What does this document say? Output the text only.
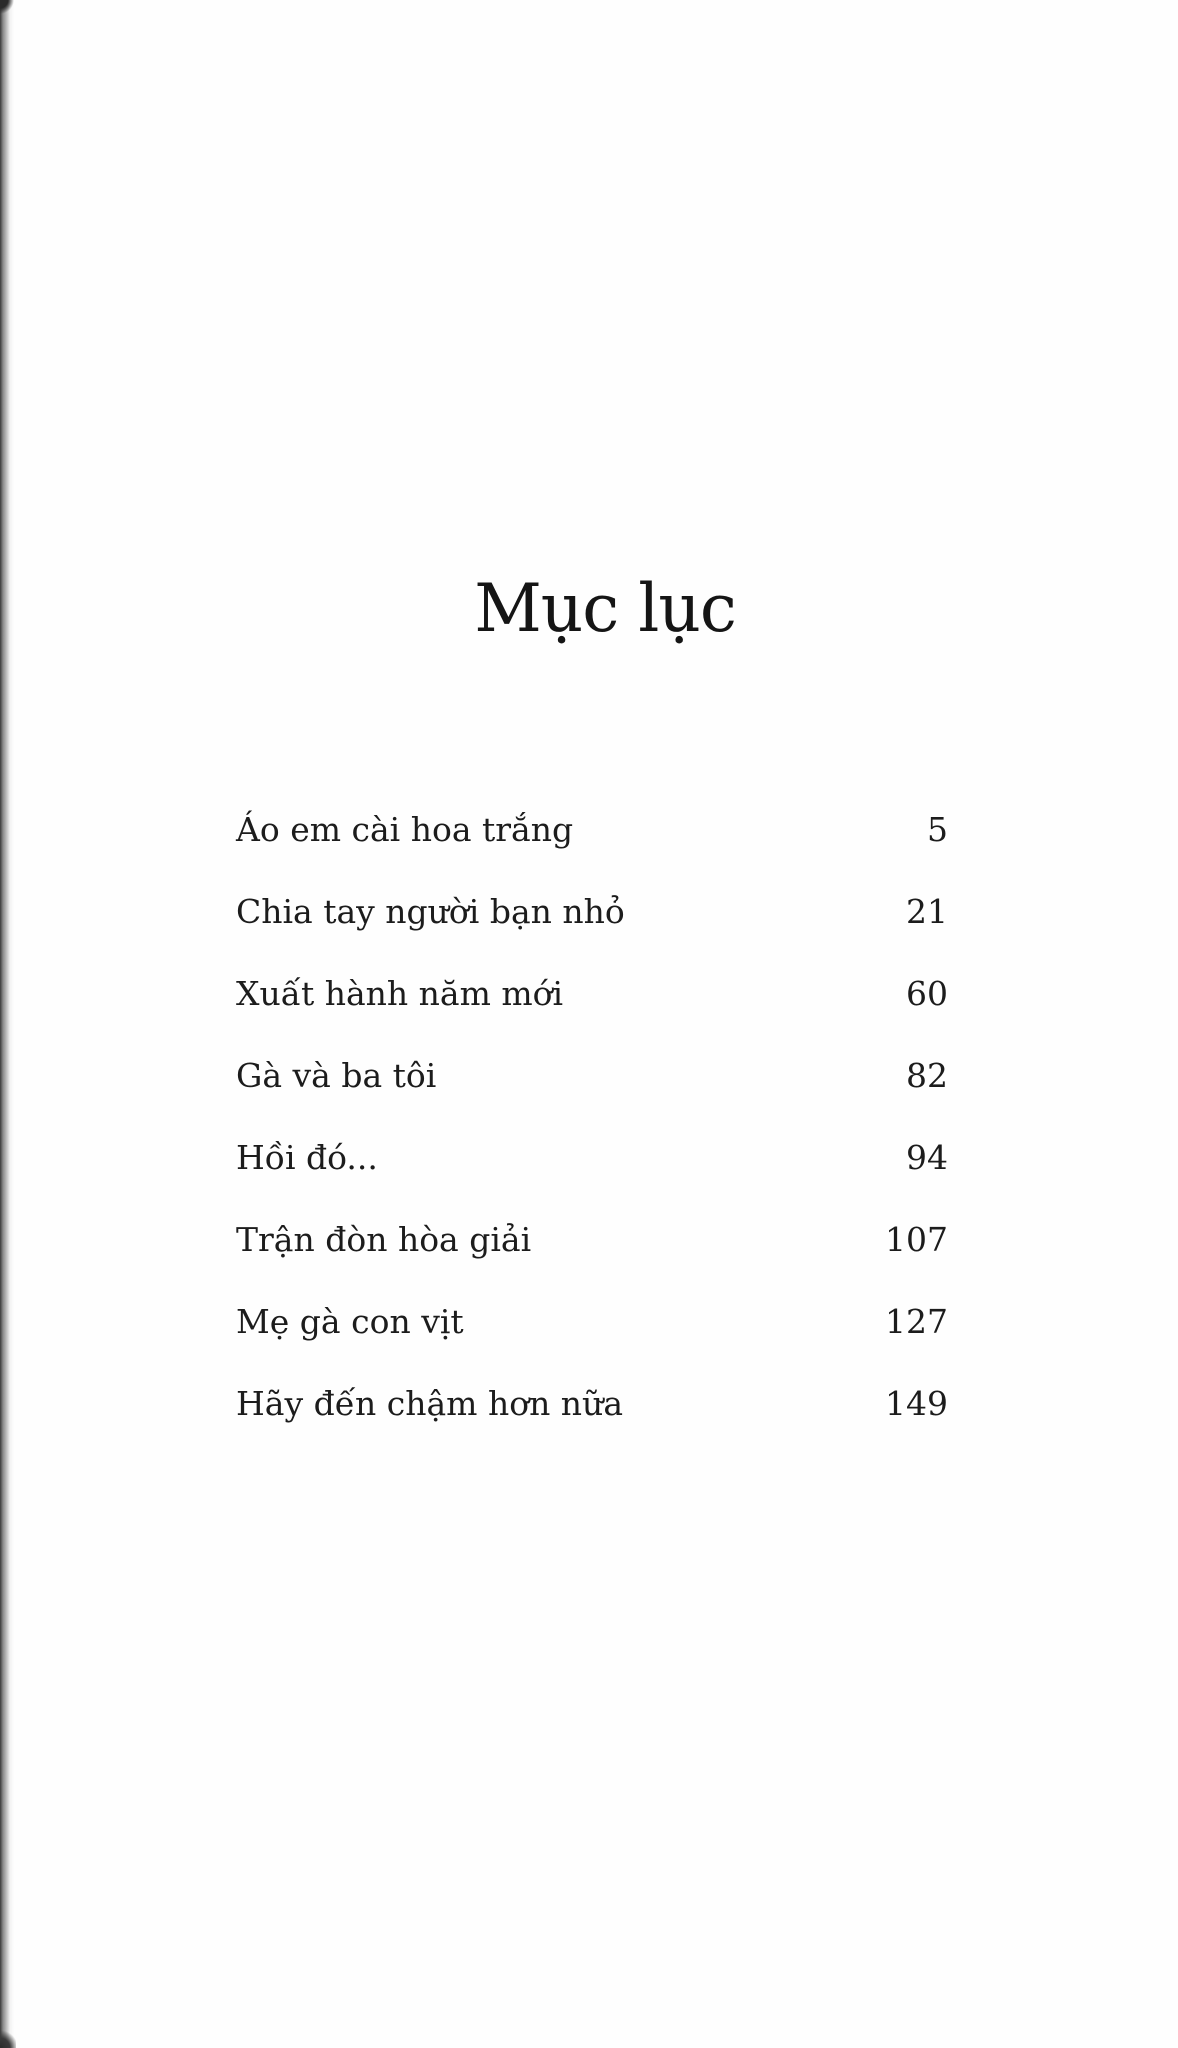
Mục lục
Áo em cài hoa trắng	5
Chia tay người bạn nhỏ	21
Xuất hành năm mới	60
Gà và ba tôi	82
Hồi đó...	94
Trận đòn hòa giải	107
Mẹ gà con vịt	127
Hãy đến chậm hơn nữa	149
